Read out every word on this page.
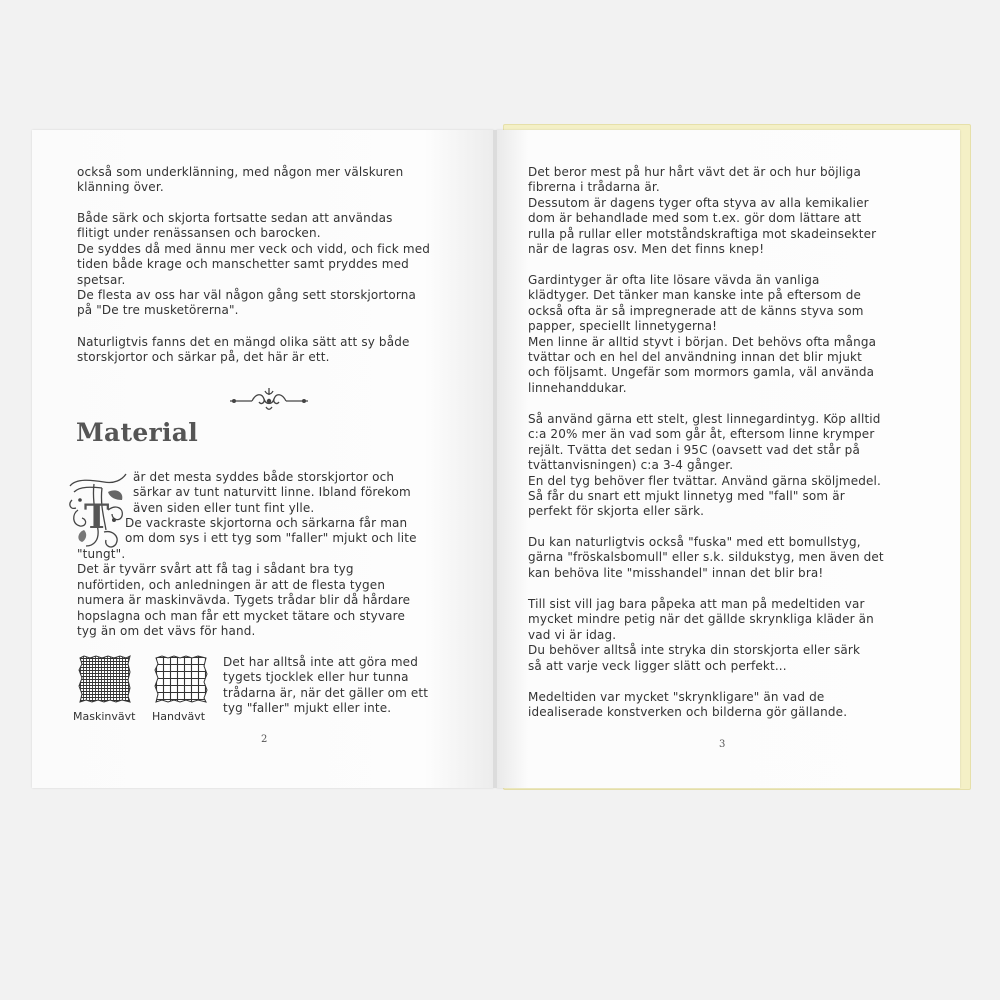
också som underklänning, med någon mer välskuren
klänning över.
Både särk och skjorta fortsatte sedan att användas
flitigt under renässansen och barocken.
De syddes då med ännu mer veck och vidd, och fick med
tiden både krage och manschetter samt pryddes med
spetsar.
De flesta av oss har väl någon gång sett storskjortorna
på "De tre musketörerna".
Naturligtvis fanns det en mängd olika sätt att sy både
storskjortor och särkar på, det här är ett.
Material
T
är det mesta syddes både storskjortor och
särkar av tunt naturvitt linne. Ibland förekom
även siden eller tunt fint ylle.
De vackraste skjortorna och särkarna får man
om dom sys i ett tyg som "faller" mjukt och lite
"tungt".
Det är tyvärr svårt att få tag i sådant bra tyg
nuförtiden, och anledningen är att de flesta tygen
numera är maskinvävda. Tygets trådar blir då hårdare
hopslagna och man får ett mycket tätare och styvare
tyg än om det vävs för hand.
Maskinvävt Handvävt
Det har alltså inte att göra med
tygets tjocklek eller hur tunna
trådarna är, när det gäller om ett
tyg "faller" mjukt eller inte.
2
Det beror mest på hur hårt vävt det är och hur böjliga
fibrerna i trådarna är.
Dessutom är dagens tyger ofta styva av alla kemikalier
dom är behandlade med som t.ex. gör dom lättare att
rulla på rullar eller motståndskraftiga mot skadeinsekter
när de lagras osv. Men det finns knep!
Gardintyger är ofta lite lösare vävda än vanliga
klädtyger. Det tänker man kanske inte på eftersom de
också ofta är så impregnerade att de känns styva som
papper, speciellt linnetygerna!
Men linne är alltid styvt i början. Det behövs ofta många
tvättar och en hel del användning innan det blir mjukt
och följsamt. Ungefär som mormors gamla, väl använda
linnehanddukar.
Så använd gärna ett stelt, glest linnegardintyg. Köp alltid
c:a 20% mer än vad som går åt, eftersom linne krymper
rejält. Tvätta det sedan i 95C (oavsett vad det står på
tvättanvisningen) c:a 3-4 gånger.
En del tyg behöver fler tvättar. Använd gärna sköljmedel.
Så får du snart ett mjukt linnetyg med "fall" som är
perfekt för skjorta eller särk.
Du kan naturligtvis också "fuska" med ett bomullstyg,
gärna "fröskalsbomull" eller s.k. sildukstyg, men även det
kan behöva lite "misshandel" innan det blir bra!
Till sist vill jag bara påpeka att man på medeltiden var
mycket mindre petig när det gällde skrynkliga kläder än
vad vi är idag.
Du behöver alltså inte stryka din storskjorta eller särk
så att varje veck ligger slätt och perfekt...
Medeltiden var mycket "skrynkligare" än vad de
idealiserade konstverken och bilderna gör gällande.
3
